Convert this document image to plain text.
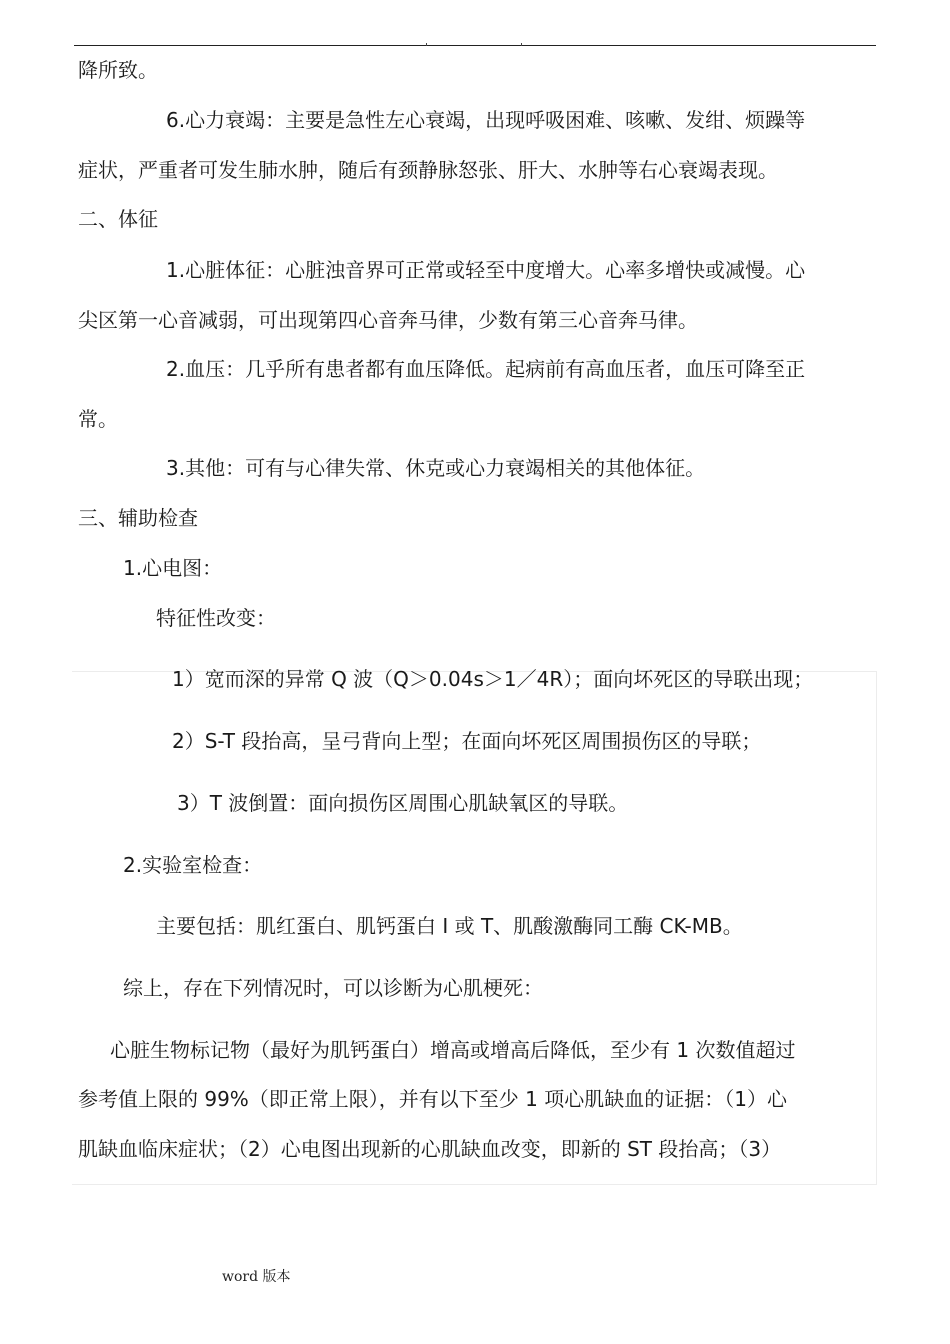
降所致。
6.心力衰竭：主要是急性左心衰竭，出现呼吸困难、咳嗽、发绀、烦躁等
症状，严重者可发生肺水肿，随后有颈静脉怒张、肝大、水肿等右心衰竭表现。
二、体征
1.心脏体征：心脏浊音界可正常或轻至中度增大。心率多增快或减慢。心
尖区第一心音减弱，可出现第四心音奔马律，少数有第三心音奔马律。
2.血压：几乎所有患者都有血压降低。起病前有高血压者，血压可降至正
常。
3.其他：可有与心律失常、休克或心力衰竭相关的其他体征。
三、辅助检查
1.心电图：
特征性改变：
1）宽而深的异常 Q 波（Q＞0.04s＞1／4R）；面向坏死区的导联出现；
2）S-T 段抬高，呈弓背向上型；在面向坏死区周围损伤区的导联；
3）T 波倒置：面向损伤区周围心肌缺氧区的导联。
2.实验室检查：
主要包括：肌红蛋白、肌钙蛋白 I 或 T、肌酸激酶同工酶 CK-MB。
综上，存在下列情况时，可以诊断为心肌梗死：
心脏生物标记物（最好为肌钙蛋白）增高或增高后降低，至少有 1 次数值超过
参考值上限的 99%（即正常上限），并有以下至少 1 项心肌缺血的证据：（1）心
肌缺血临床症状；（2）心电图出现新的心肌缺血改变，即新的 ST 段抬高；（3）
word 版本
